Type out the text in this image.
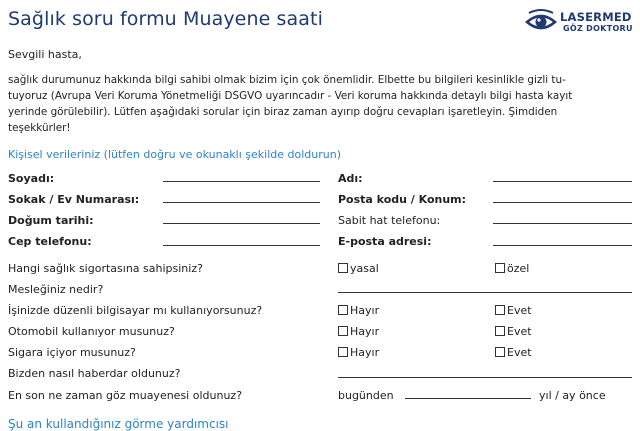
Sağlık soru formu Muayene saati	LASERMED
GÖZ DOKTORU
Sevgili hasta,
sağlık durumunuz hakkında bilgi sahibi olmak bizim için çok önemlidir. Elbette bu bilgileri kesinlikle gizli tu-
tuyoruz (Avrupa Veri Koruma Yönetmeliği DSGVO uyarıncadır - Veri koruma hakkında detaylı bilgi hasta kayıt
yerinde görülebilir). Lütfen aşağıdaki sorular için biraz zaman ayırıp doğru cevapları işaretleyin. Şimdiden
teşekkürler!
Kişisel verileriniz (lütfen doğru ve okunaklı şekilde doldurun)
Soyadı:	Adı:
Sokak / Ev Numarası:	Posta kodu / Konum:
Doğum tarihi:	Sabit hat telefonu:
Cep telefonu:	E-posta adresi:
Hangi sağlık sigortasına sahipsiniz?	yasal	özel
Mesleğiniz nedir?
İşinizde düzenli bilgisayar mı kullanıyorsunuz?	Hayır	Evet
Otomobil kullanıyor musunuz?	Hayır	Evet
Sigara içiyor musunuz?	Hayır	Evet
Bizden nasıl haberdar oldunuz?
En son ne zaman göz muayenesi oldunuz?	bugünden	yıl / ay önce
Şu an kullandığınız görme yardımcısı
